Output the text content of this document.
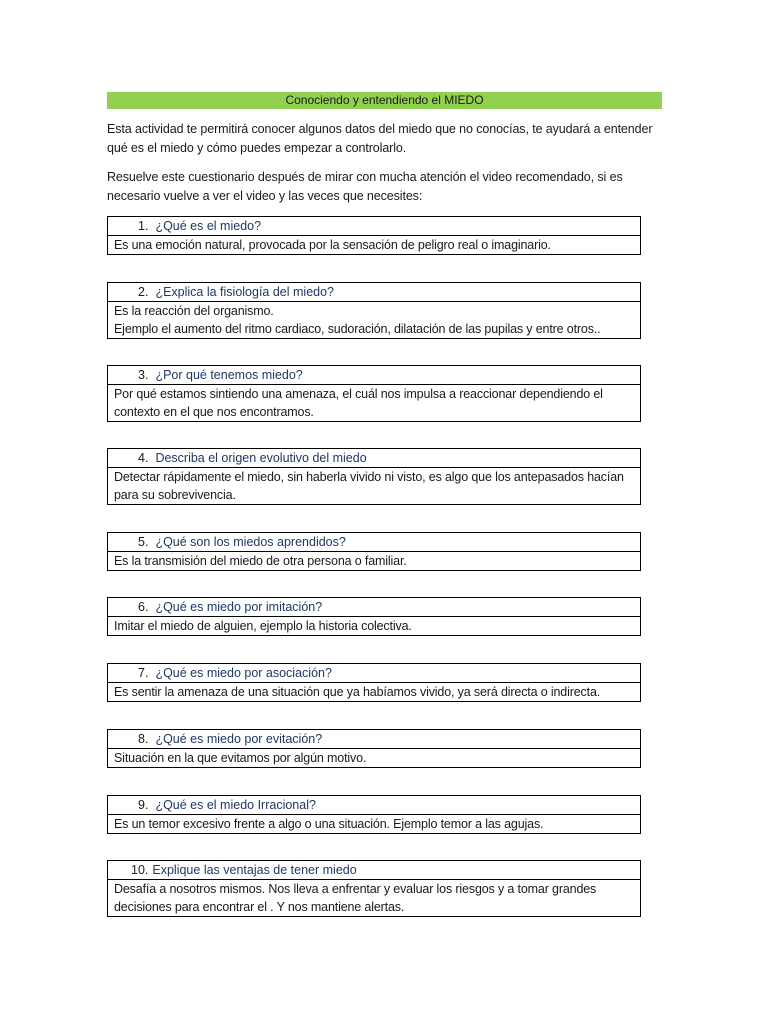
Conociendo y entendiendo el MIEDO

Esta actividad te permitirá conocer algunos datos del miedo que no conocías, te ayudará a entender qué es el miedo y cómo puedes empezar a controlarlo.

Resuelve este cuestionario después de mirar con mucha atención el video recomendado, si es necesario vuelve a ver el video y las veces que necesites:

1. ¿Qué es el miedo?
Es una emoción natural, provocada por la sensación de peligro real o imaginario.
2. ¿Explica la fisiología del miedo?
Es la reacción del organismo.
Ejemplo el aumento del ritmo cardiaco, sudoración, dilatación de las pupilas y entre otros..
3. ¿Por qué tenemos miedo?
Por qué estamos sintiendo una amenaza, el cuál nos impulsa a reaccionar dependiendo el contexto en el que nos encontramos.
4. Describa el origen evolutivo del miedo
Detectar rápidamente el miedo, sin haberla vivido ni visto, es algo que los antepasados hacían para su sobrevivencia.
5. ¿Qué son los miedos aprendidos?
Es la transmisión del miedo de otra persona o familiar.
6. ¿Qué es miedo por imitación?
Imitar el miedo de alguien, ejemplo la historia colectiva.
7. ¿Qué es miedo por asociación?
Es sentir la amenaza de una situación que ya habíamos vivido, ya será directa o indirecta.
8. ¿Qué es miedo por evitación?
Situación en la que evitamos por algún motivo.
9. ¿Qué es el miedo Irracional?
Es un temor excesivo frente a algo o una situación. Ejemplo temor a las agujas.
10. Explique las ventajas de tener miedo
Desafía a nosotros mismos. Nos lleva a enfrentar y evaluar los riesgos y a tomar grandes decisiones para encontrar el . Y nos mantiene alertas.
